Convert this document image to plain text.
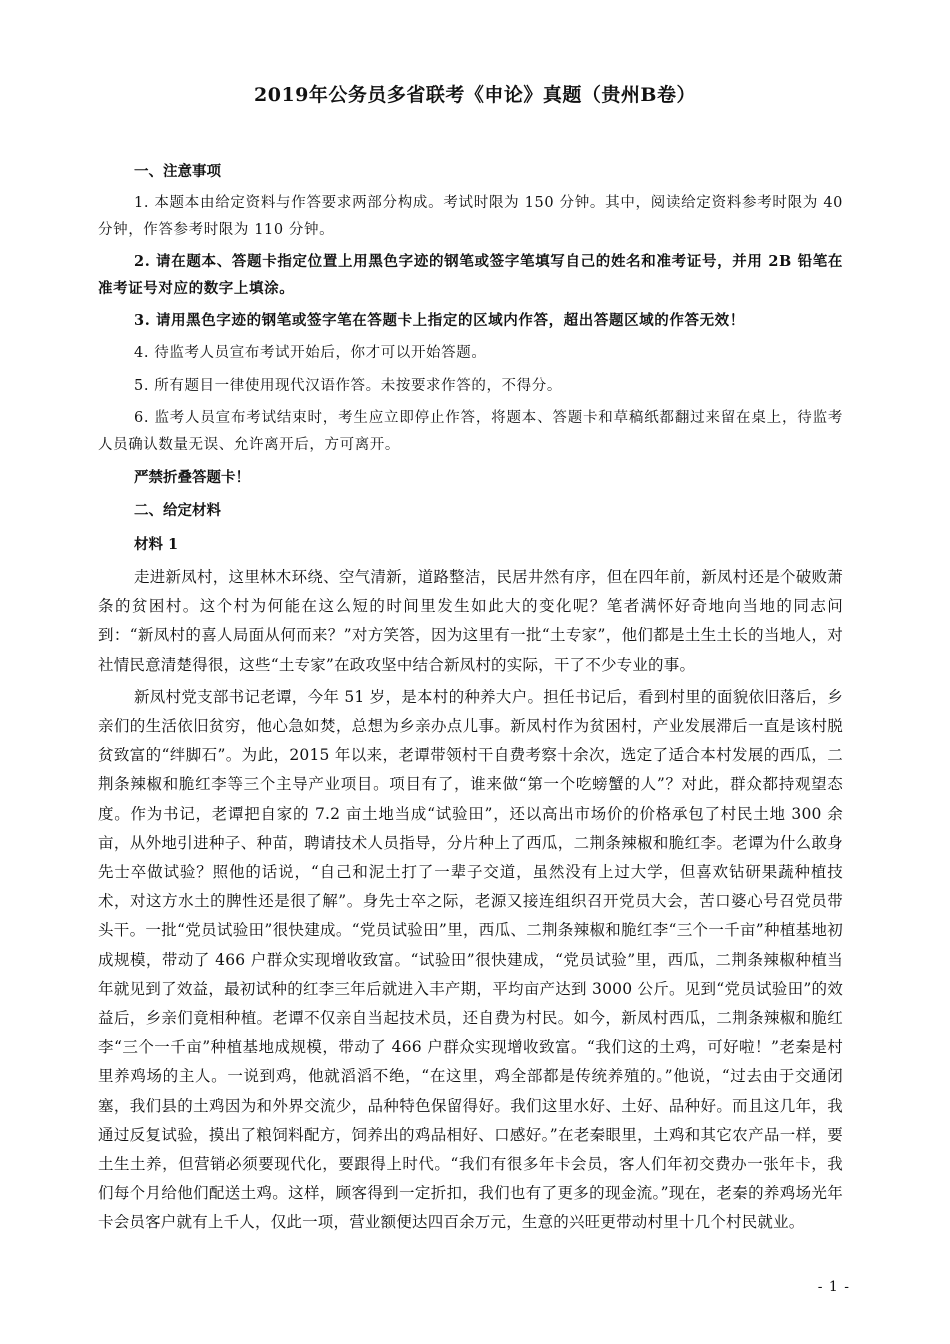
2019年公务员多省联考《申论》真题（贵州B卷）

一、注意事项

1. 本题本由给定资料与作答要求两部分构成。考试时限为 150 分钟。其中，阅读给定资料参考时限为 40 分钟，作答参考时限为 110 分钟。

2. 请在题本、答题卡指定位置上用黑色字迹的钢笔或签字笔填写自己的姓名和准考证号，并用 2B 铅笔在准考证号对应的数字上填涂。

3. 请用黑色字迹的钢笔或签字笔在答题卡上指定的区域内作答，超出答题区域的作答无效！

4. 待监考人员宣布考试开始后，你才可以开始答题。

5. 所有题目一律使用现代汉语作答。未按要求作答的，不得分。

6. 监考人员宣布考试结束时，考生应立即停止作答，将题本、答题卡和草稿纸都翻过来留在桌上，待监考人员确认数量无误、允许离开后，方可离开。

严禁折叠答题卡！

二、给定材料

材料 1

走进新凤村，这里林木环绕、空气清新，道路整洁，民居井然有序，但在四年前，新凤村还是个破败萧条的贫困村。这个村为何能在这么短的时间里发生如此大的变化呢？笔者满怀好奇地向当地的同志问到：“新凤村的喜人局面从何而来？”对方笑答，因为这里有一批“土专家”，他们都是土生土长的当地人，对社情民意清楚得很，这些“土专家”在政攻坚中结合新凤村的实际，干了不少专业的事。

新凤村党支部书记老谭，今年 51 岁，是本村的种养大户。担任书记后，看到村里的面貌依旧落后，乡亲们的生活依旧贫穷，他心急如焚，总想为乡亲办点儿事。新凤村作为贫困村，产业发展滞后一直是该村脱贫致富的“绊脚石”。为此，2015 年以来，老谭带领村干自费考察十余次，选定了适合本村发展的西瓜，二荆条辣椒和脆红李等三个主导产业项目。项目有了，谁来做“第一个吃螃蟹的人”？对此，群众都持观望态度。作为书记，老谭把自家的 7.2 亩土地当成“试验田”，还以高出市场价的价格承包了村民土地 300 余亩，从外地引进种子、种苗，聘请技术人员指导，分片种上了西瓜，二荆条辣椒和脆红李。老谭为什么敢身先士卒做试验？照他的话说，“自己和泥土打了一辈子交道，虽然没有上过大学，但喜欢钻研果蔬种植技术，对这方水土的脾性还是很了解”。身先士卒之际，老源又接连组织召开党员大会，苦口婆心号召党员带头干。一批“党员试验田”很快建成。“党员试验田”里，西瓜、二荆条辣椒和脆红李“三个一千亩”种植基地初成规模，带动了 466 户群众实现增收致富。“试验田”很快建成，“党员试验”里，西瓜，二荆条辣椒种植当年就见到了效益，最初试种的红李三年后就进入丰产期，平均亩产达到 3000 公斤。见到“党员试验田”的效益后，乡亲们竟相种植。老谭不仅亲自当起技术员，还自费为村民。如今，新凤村西瓜，二荆条辣椒和脆红李“三个一千亩”种植基地成规模，带动了 466 户群众实现增收致富。“我们这的土鸡，可好啦！”老秦是村里养鸡场的主人。一说到鸡，他就滔滔不绝，“在这里，鸡全部都是传统养殖的。”他说，“过去由于交通闭塞，我们县的土鸡因为和外界交流少，品种特色保留得好。我们这里水好、土好、品种好。而且这几年，我通过反复试验，摸出了粮饲料配方，饲养出的鸡品相好、口感好。”在老秦眼里，土鸡和其它农产品一样，要土生土养，但营销必须要现代化，要跟得上时代。“我们有很多年卡会员，客人们年初交费办一张年卡，我们每个月给他们配送土鸡。这样，顾客得到一定折扣，我们也有了更多的现金流。”现在，老秦的养鸡场光年卡会员客户就有上千人，仅此一项，营业额便达四百余万元，生意的兴旺更带动村里十几个村民就业。

- 1 -
